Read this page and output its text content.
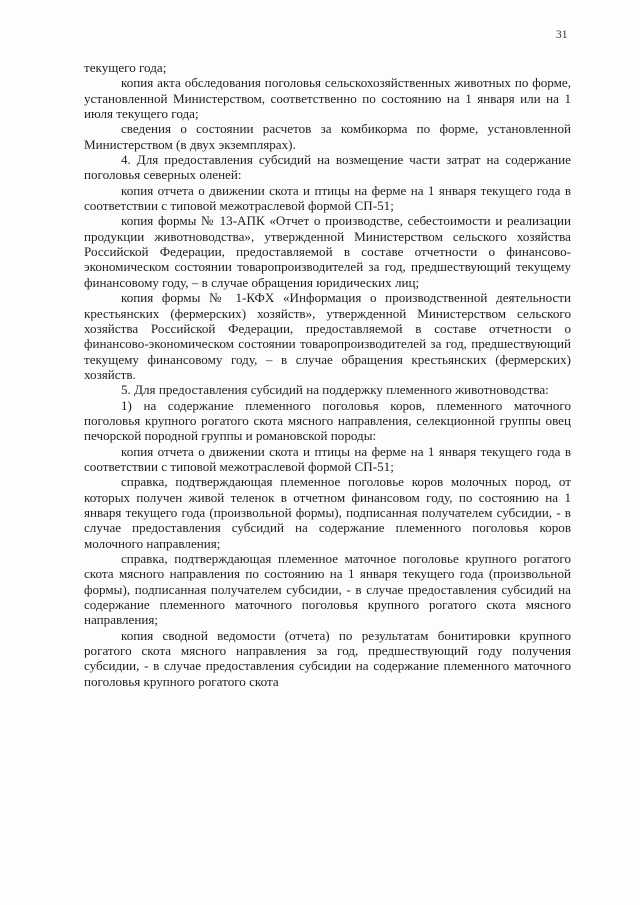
31

текущего года;

копия акта обследования поголовья сельскохозяйственных животных по форме, установленной Министерством, соответственно по состоянию на 1 января или на 1 июля текущего года;

сведения о состоянии расчетов за комбикорма по форме, установленной Министерством (в двух экземплярах).

4. Для предоставления субсидий на возмещение части затрат на содержание поголовья северных оленей:

копия отчета о движении скота и птицы на ферме на 1 января текущего года в соответствии с типовой межотраслевой формой СП-51;

копия формы № 13-АПК «Отчет о производстве, себестоимости и реализации продукции животноводства», утвержденной Министерством сельского хозяйства Российской Федерации, предоставляемой в составе отчетности о финансово-экономическом состоянии товаропроизводителей за год, предшествующий текущему финансовому году, – в случае обращения юридических лиц;

копия формы № 1-КФХ «Информация о производственной деятельности крестьянских (фермерских) хозяйств», утвержденной Министерством сельского хозяйства Российской Федерации, предоставляемой в составе отчетности о финансово-экономическом состоянии товаропроизводителей за год, предшествующий текущему финансовому году, – в случае обращения крестьянских (фермерских) хозяйств.

5. Для предоставления субсидий на поддержку племенного животноводства:

1) на содержание племенного поголовья коров, племенного маточного поголовья крупного рогатого скота мясного направления, селекционной группы овец печорской породной группы и романовской породы:

копия отчета о движении скота и птицы на ферме на 1 января текущего года в соответствии с типовой межотраслевой формой СП-51;

справка, подтверждающая племенное поголовье коров молочных пород, от которых получен живой теленок в отчетном финансовом году, по состоянию на 1 января текущего года (произвольной формы), подписанная получателем субсидии, - в случае предоставления субсидий на содержание племенного поголовья коров молочного направления;

справка, подтверждающая племенное маточное поголовье крупного рогатого скота мясного направления по состоянию на 1 января текущего года (произвольной формы), подписанная получателем субсидии, - в случае предоставления субсидий на содержание племенного маточного поголовья крупного рогатого скота мясного направления;

копия сводной ведомости (отчета) по результатам бонитировки крупного рогатого скота мясного направления за год, предшествующий году получения субсидии, - в случае предоставления субсидии на содержание племенного маточного поголовья крупного рогатого скота
